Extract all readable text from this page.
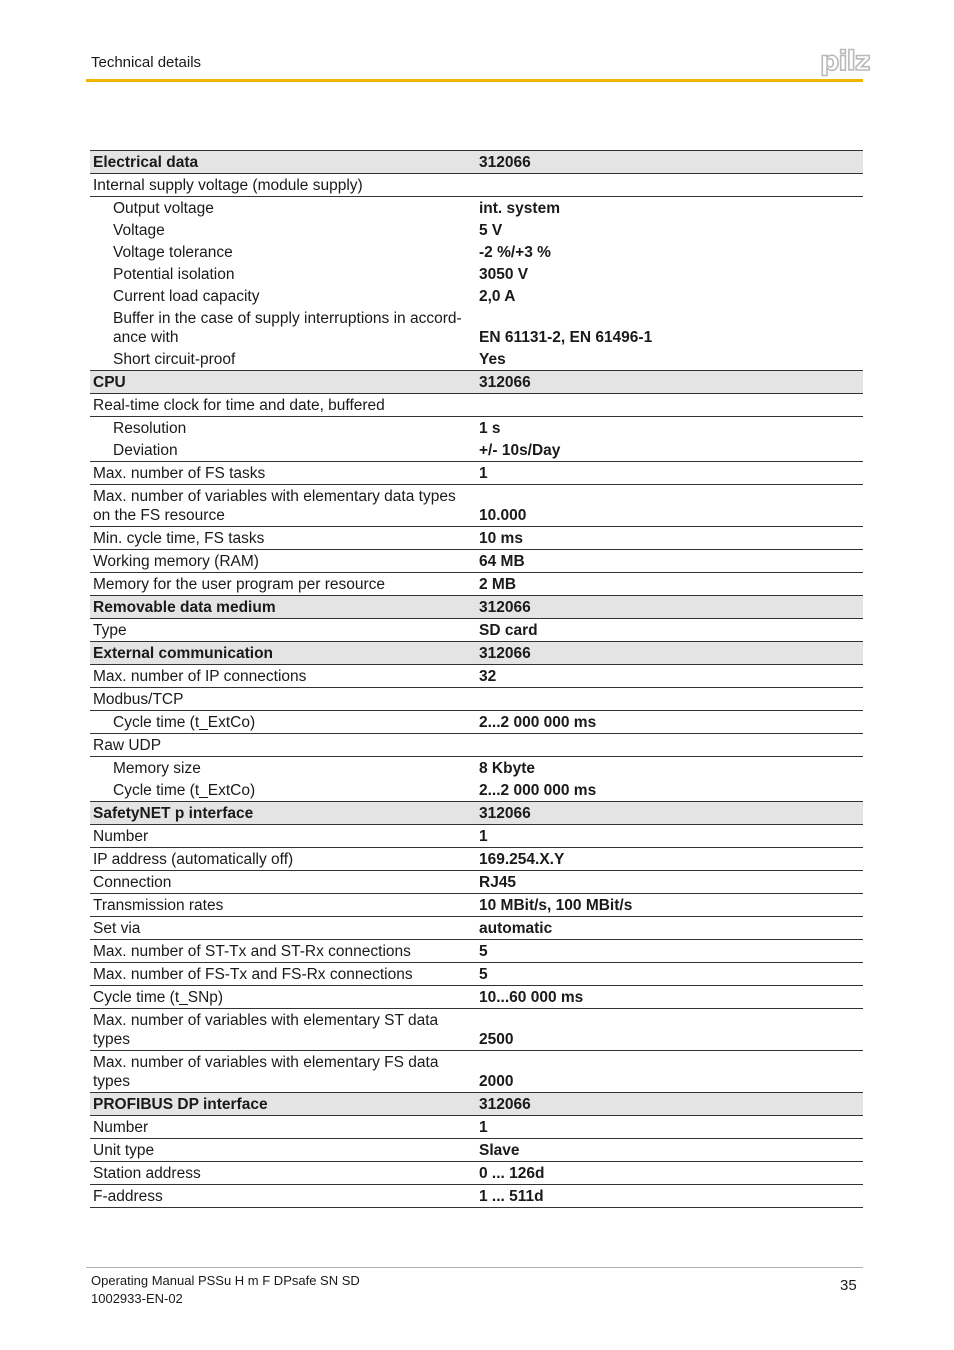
Technical details	pilz
Electrical data	312066
Internal supply voltage (module supply)
Output voltage	int. system
Voltage	5 V
Voltage tolerance	-2 %/+3 %
Potential isolation	3050 V
Current load capacity	2,0 A
Buffer in the case of supply interruptions in accord-
ance with	EN 61131-2, EN 61496-1
Short circuit-proof	Yes
CPU	312066
Real-time clock for time and date, buffered
Resolution	1 s
Deviation	+/- 10s/Day
Max. number of FS tasks	1
Max. number of variables with elementary data types
on the FS resource	10.000
Min. cycle time, FS tasks	10 ms
Working memory (RAM)	64 MB
Memory for the user program per resource	2 MB
Removable data medium	312066
Type	SD card
External communication	312066
Max. number of IP connections	32
Modbus/TCP
Cycle time (t_ExtCo)	2...2 000 000 ms
Raw UDP
Memory size	8 Kbyte
Cycle time (t_ExtCo)	2...2 000 000 ms
SafetyNET p interface	312066
Number	1
IP address (automatically off)	169.254.X.Y
Connection	RJ45
Transmission rates	10 MBit/s, 100 MBit/s
Set via	automatic
Max. number of ST-Tx and ST-Rx connections	5
Max. number of FS-Tx and FS-Rx connections	5
Cycle time (t_SNp)	10...60 000 ms
Max. number of variables with elementary ST data
types	2500
Max. number of variables with elementary FS data
types	2000
PROFIBUS DP interface	312066
Number	1
Unit type	Slave
Station address	0 ... 126d
F-address	1 ... 511d
Operating Manual PSSu H m F DPsafe SN SD
1002933-EN-02
35
